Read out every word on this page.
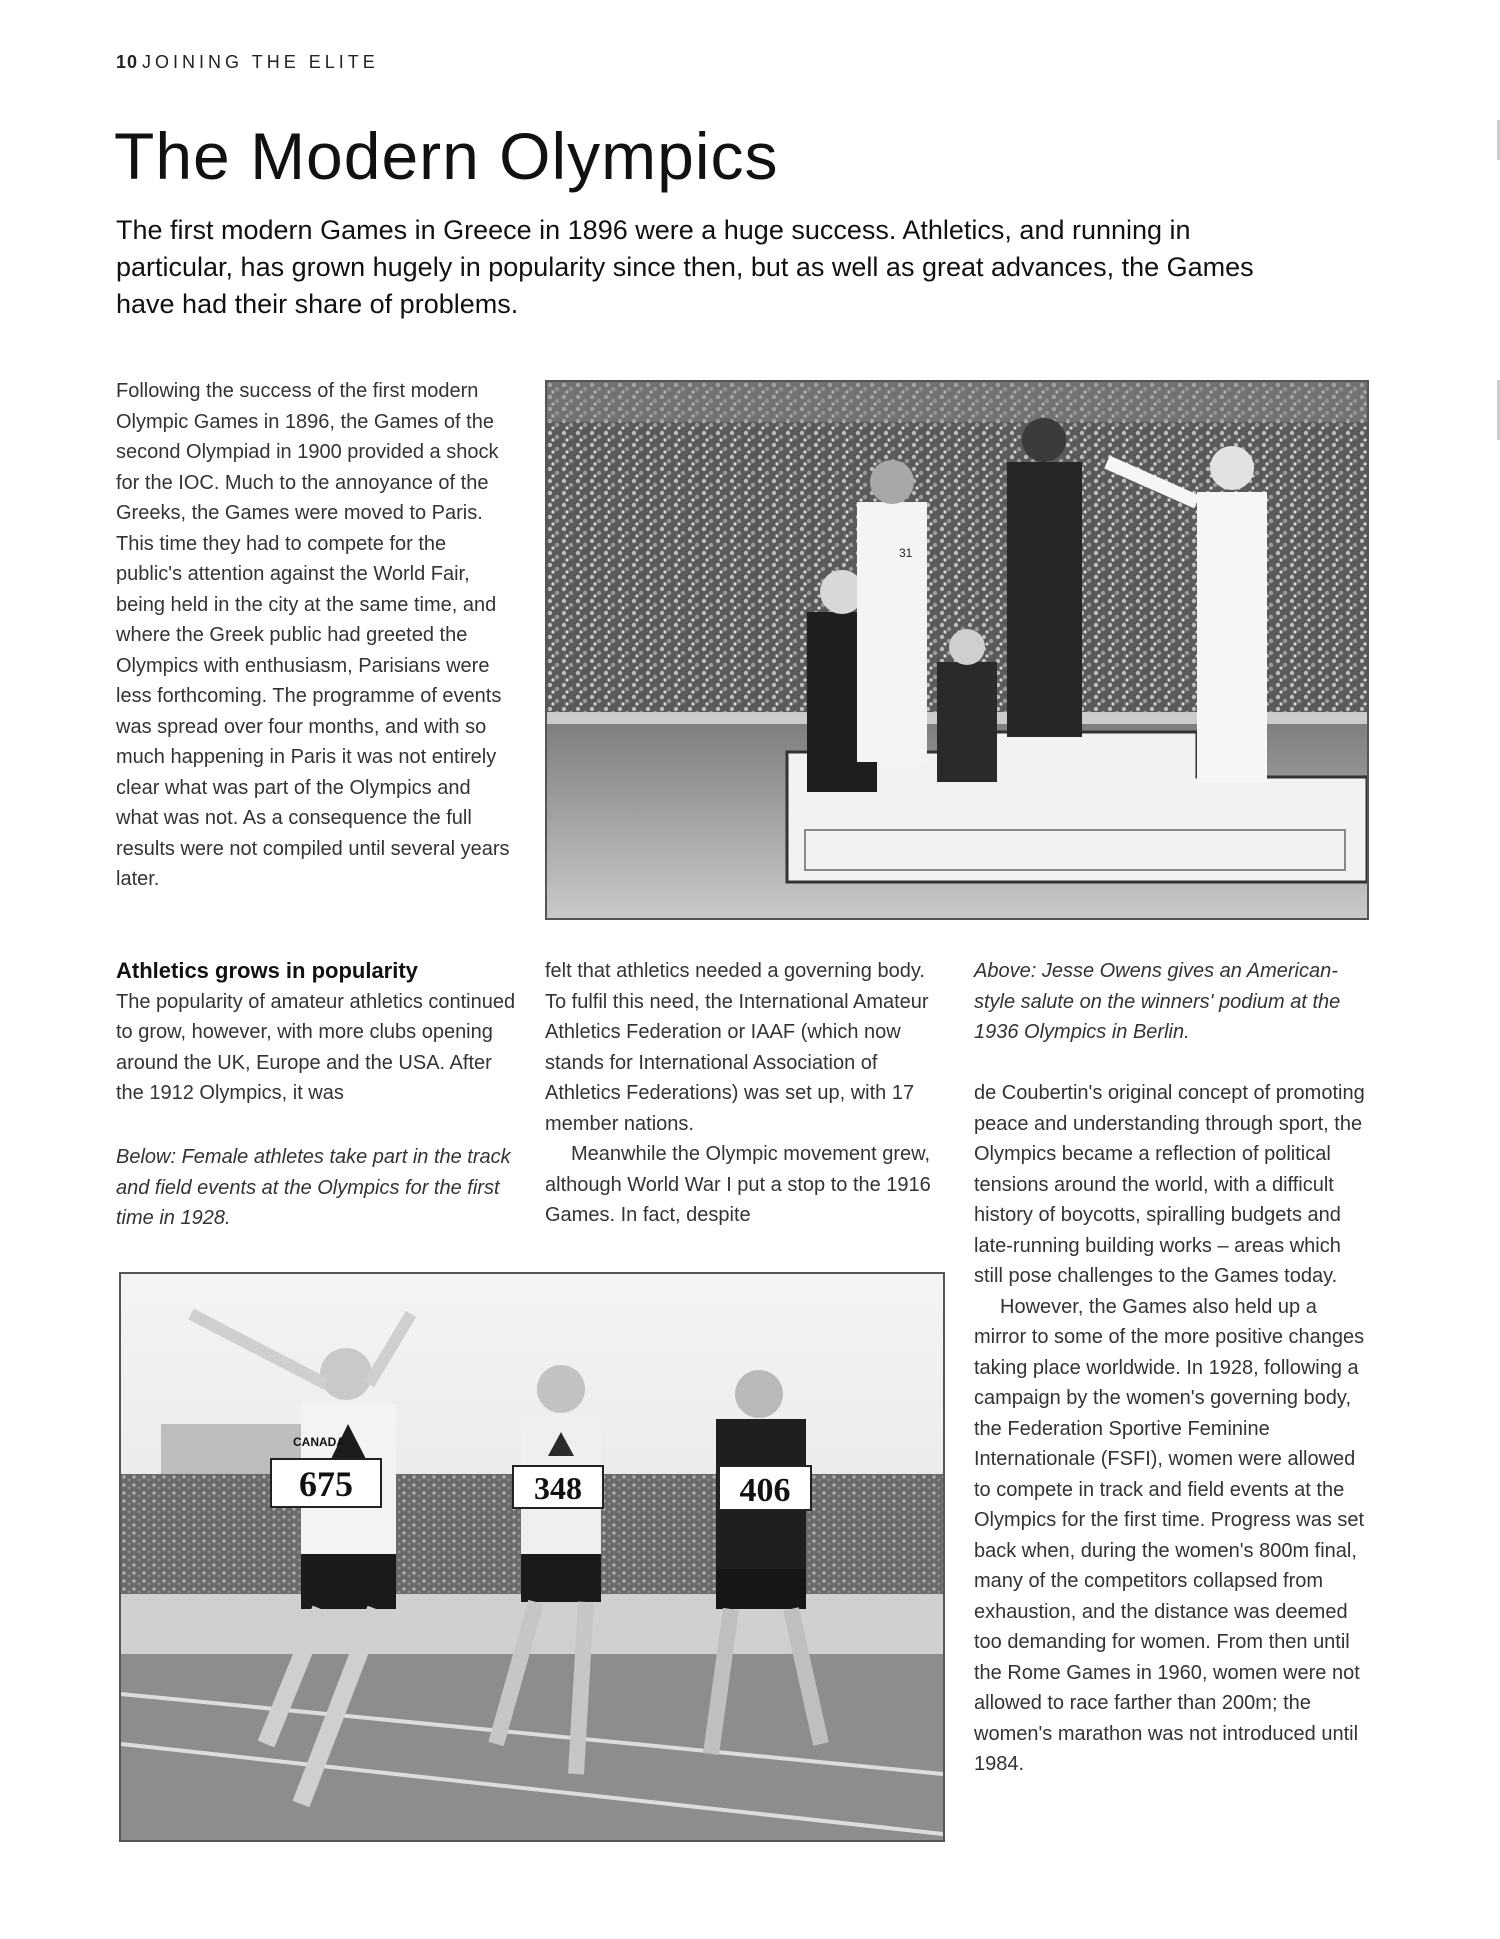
10 JOINING THE ELITE
The Modern Olympics
The first modern Games in Greece in 1896 were a huge success. Athletics, and running in particular, has grown hugely in popularity since then, but as well as great advances, the Games have had their share of problems.

Following the success of the first modern Olympic Games in 1896, the Games of the second Olympiad in 1900 provided a shock for the IOC. Much to the annoyance of the Greeks, the Games were moved to Paris. This time they had to compete for the public's attention against the World Fair, being held in the city at the same time, and where the Greek public had greeted the Olympics with enthusiasm, Parisians were less forthcoming. The programme of events was spread over four months, and with so much happening in Paris it was not entirely clear what was part of the Olympics and what was not. As a consequence the full results were not compiled until several years later.

31

Athletics grows in popularity

The popularity of amateur athletics continued to grow, however, with more clubs opening around the UK, Europe and the USA. After the 1912 Olympics, it was

Below: Female athletes take part in the track and field events at the Olympics for the first time in 1928.

felt that athletics needed a governing body. To fulfil this need, the International Amateur Athletics Federation or IAAF (which now stands for International Association of Athletics Federations) was set up, with 17 member nations.

Meanwhile the Olympic movement grew, although World War I put a stop to the 1916 Games. In fact, despite

Above: Jesse Owens gives an American-style salute on the winners' podium at the 1936 Olympics in Berlin.

de Coubertin's original concept of promoting peace and understanding through sport, the Olympics became a reflection of political tensions around the world, with a difficult history of boycotts, spiralling budgets and late-running building works – areas which still pose challenges to the Games today.

However, the Games also held up a mirror to some of the more positive changes taking place worldwide. In 1928, following a campaign by the women's governing body, the Federation Sportive Feminine Internationale (FSFI), women were allowed to compete in track and field events at the Olympics for the first time. Progress was set back when, during the women's 800m final, many of the competitors collapsed from exhaustion, and the distance was deemed too demanding for women. From then until the Rome Games in 1960, women were not allowed to race farther than 200m; the women's marathon was not introduced until 1984.

675
CANADA
348	406
